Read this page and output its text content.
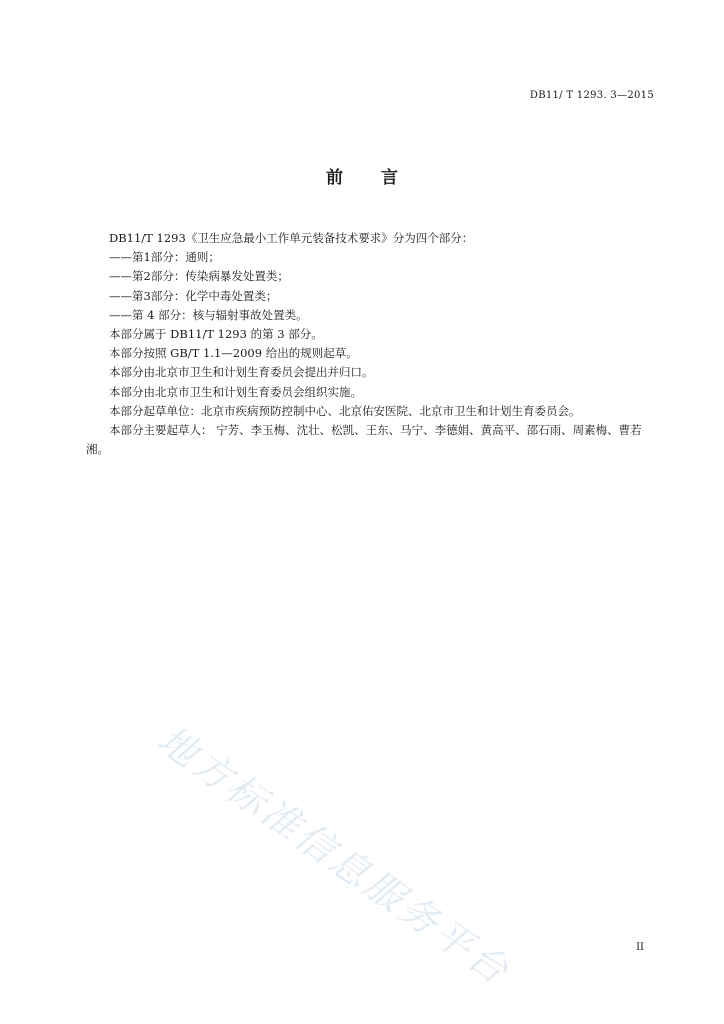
DB11/ T 1293. 3—2015
前言

DB11/T 1293《卫生应急最小工作单元装备技术要求》分为四个部分：

——第1部分：通则；

——第2部分：传染病暴发处置类；

——第3部分：化学中毒处置类；

——第 4 部分：核与辐射事故处置类。

本部分属于 DB11/T 1293 的第 3 部分。

本部分按照 GB/T 1.1—2009 给出的规则起草。

本部分由北京市卫生和计划生育委员会提出并归口。

本部分由北京市卫生和计划生育委员会组织实施。

本部分起草单位：北京市疾病预防控制中心、北京佑安医院、北京市卫生和计划生育委员会。

本部分主要起草人： 宁芳、李玉梅、沈壮、松凯、王东、马宁、李德娟、黄高平、邵石雨、周素梅、曹若湘。

地方标准信息服务平台	II
